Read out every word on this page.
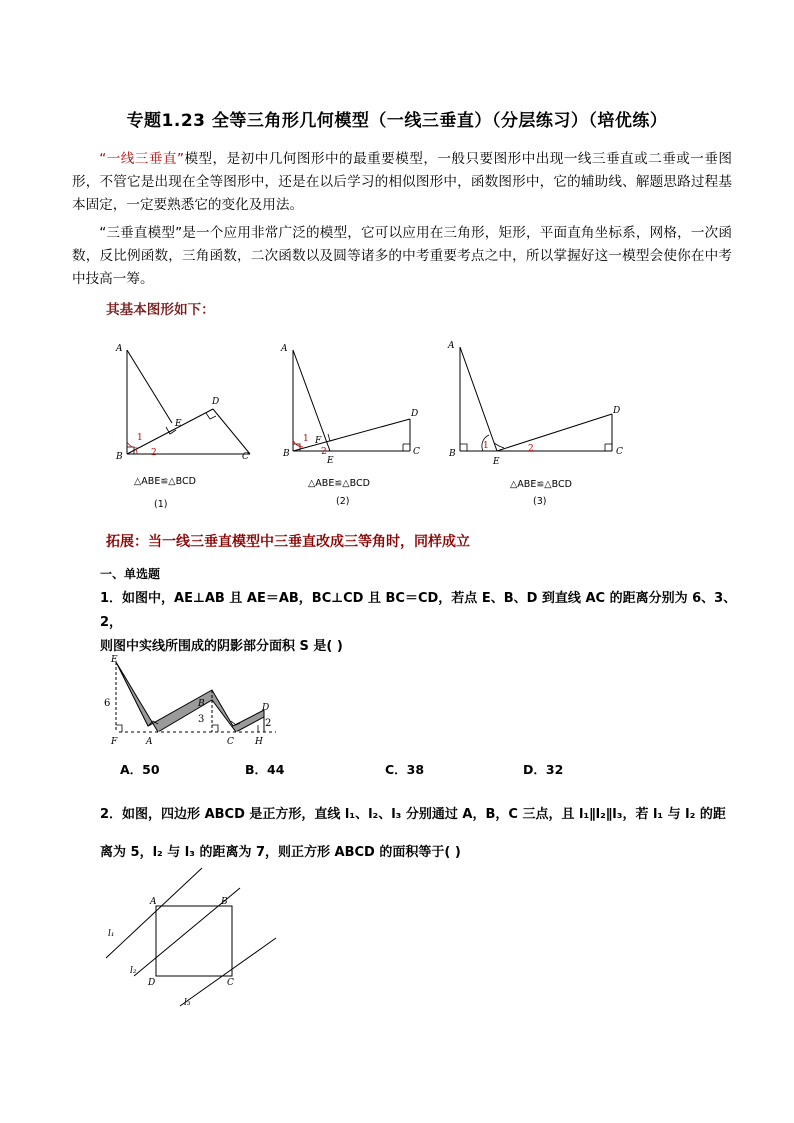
专题1.23 全等三角形几何模型（一线三垂直）（分层练习）（培优练）
“一线三垂直”模型，是初中几何图形中的最重要模型，一般只要图形中出现一线三垂直或二垂或一垂图形，不管它是出现在全等图形中，还是在以后学习的相似图形中，函数图形中，它的辅助线、解题思路过程基本固定，一定要熟悉它的变化及用法。
“三垂直模型”是一个应用非常广泛的模型，它可以应用在三角形，矩形，平面直角坐标系，网格，一次函数，反比例函数，三角函数，二次函数以及圆等诸多的中考重要考点之中，所以掌握好这一模型会使你在中考中技高一筹。
其基本图形如下：
A
B	C
D
E
1
2
△ABE≌△BCD
(1)
A
B	C
D
E
F
1
2
△ABE≌△BCD
(2)
A
B	C
D
E
1	2
△ABE≌△BCD
(3)
拓展：当一线三垂直模型中三垂直改成三等角时，同样成立
一、单选题
1．如图中，AE⊥AB 且 AE＝AB，BC⊥CD 且 BC＝CD，若点 E、B、D 到直线 AC 的距离分别为 6、3、2，
则图中实线所围成的阴影部分面积 S 是( )
E
B	D
F	A	C H
6
3	2
A．50	B．44	C．38	D．32
2．如图，四边形 ABCD 是正方形，直线 l₁、l₂、l₃ 分别通过 A，B，C 三点，且 l₁∥l₂∥l₃，若 l₁ 与 l₂ 的距
离为 5，l₂ 与 l₃ 的距离为 7，则正方形 ABCD 的面积等于( )
A	B
C
D
l₁
l₂
l₃
